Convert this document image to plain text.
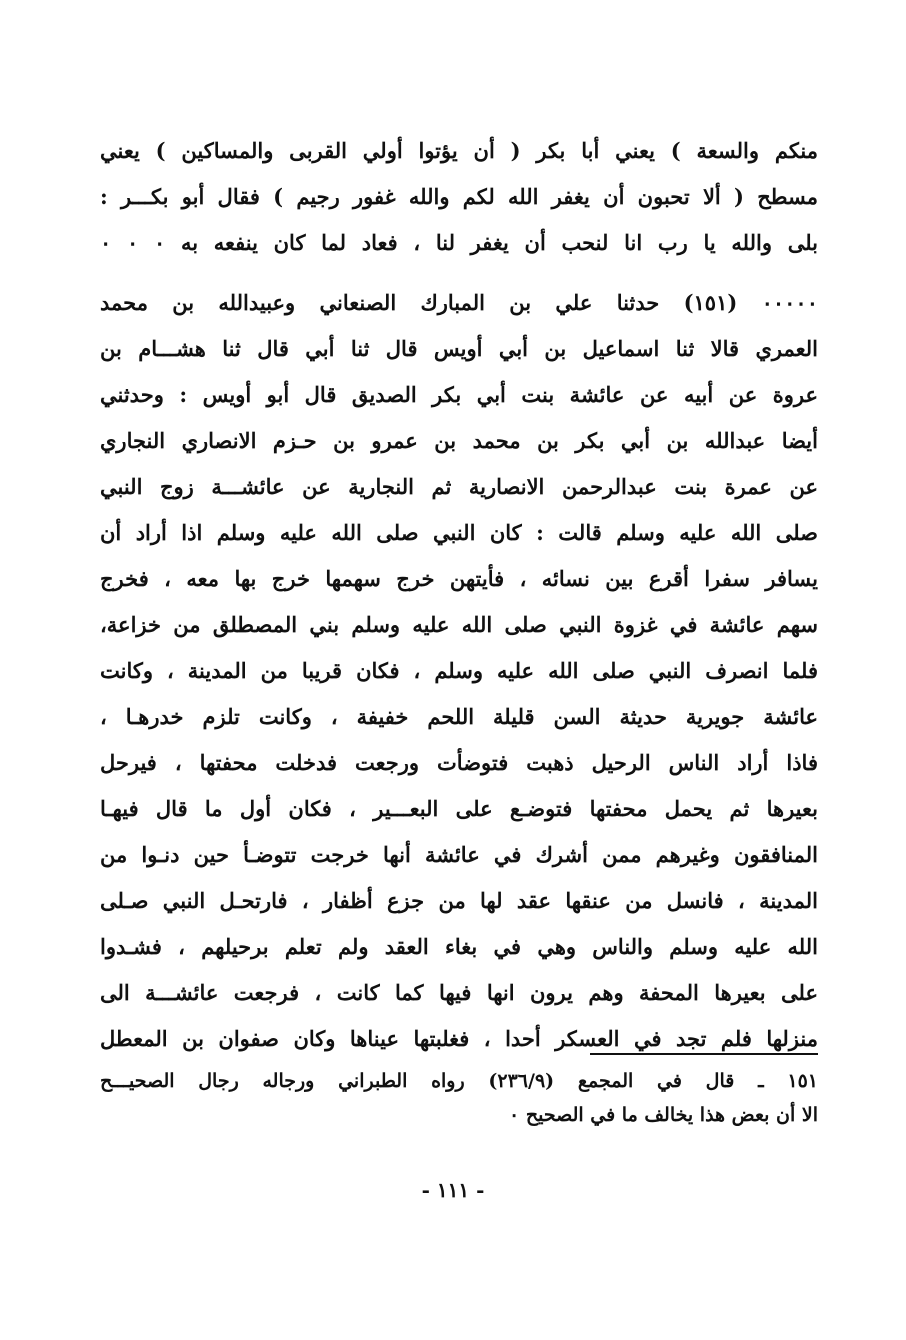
منكم والسعة ) يعني أبا بكر ( أن يؤتوا أولي القربى والمساكين ) يعني
مسطح ( ألا تحبون أن يغفر الله لكم والله غفور رجيم ) فقال أبو بكـــر :
بلى والله يا رب انا لنحب أن يغفر لنا ، فعاد لما كان ينفعه به ٠ ٠ ٠
٠٠٠٠٠ (١٥١) حدثنا علي بن المبارك الصنعاني وعبيدالله بن محمد
العمري قالا ثنا اسماعيل بن أبي أويس قال ثنا أبي قال ثنا هشـــام بن
عروة عن أبيه عن عائشة بنت أبي بكر الصديق قال أبو أويس : وحدثني
أيضا عبدالله بن أبي بكر بن محمد بن عمرو بن حـزم الانصاري النجاري
عن عمرة بنت عبدالرحمن الانصارية ثم النجارية عن عائشـــة زوج النبي
صلى الله عليه وسلم قالت : كان النبي صلى الله عليه وسلم اذا أراد أن
يسافر سفرا أقرع بين نسائه ، فأيتهن خرج سهمها خرج بها معه ، فخرج
سهم عائشة في غزوة النبي صلى الله عليه وسلم بني المصطلق من خزاعة،
فلما انصرف النبي صلى الله عليه وسلم ، فكان قريبا من المدينة ، وكانت
عائشة جويرية حديثة السن قليلة اللحم خفيفة ، وكانت تلزم خدرهـا ،
فاذا أراد الناس الرحيل ذهبت فتوضأت ورجعت فدخلت محفتها ، فيرحل
بعيرها ثم يحمل محفتها فتوضـع على البعـــير ، فكان أول ما قال فيهـا
المنافقون وغيرهم ممن أشرك في عائشة أنها خرجت تتوضـأ حين دنـوا من
المدينة ، فانسل من عنقها عقد لها من جزع أظفار ، فارتحـل النبي صـلى
الله عليه وسلم والناس وهي في بغاء العقد ولم تعلم برحيلهم ، فشـدوا
على بعيرها المحفة وهم يرون انها فيها كما كانت ، فرجعت عائشـــة الى
منزلها فلم تجد في العسكر أحدا ، فغلبتها عيناها وكان صفوان بن المعطل
١٥١ ـ قال في المجمع (٢٣٦/٩) رواه الطبراني ورجاله رجال الصحيـــح
الا أن بعض هذا يخالف ما في الصحيح ٠
- ١١١ -
